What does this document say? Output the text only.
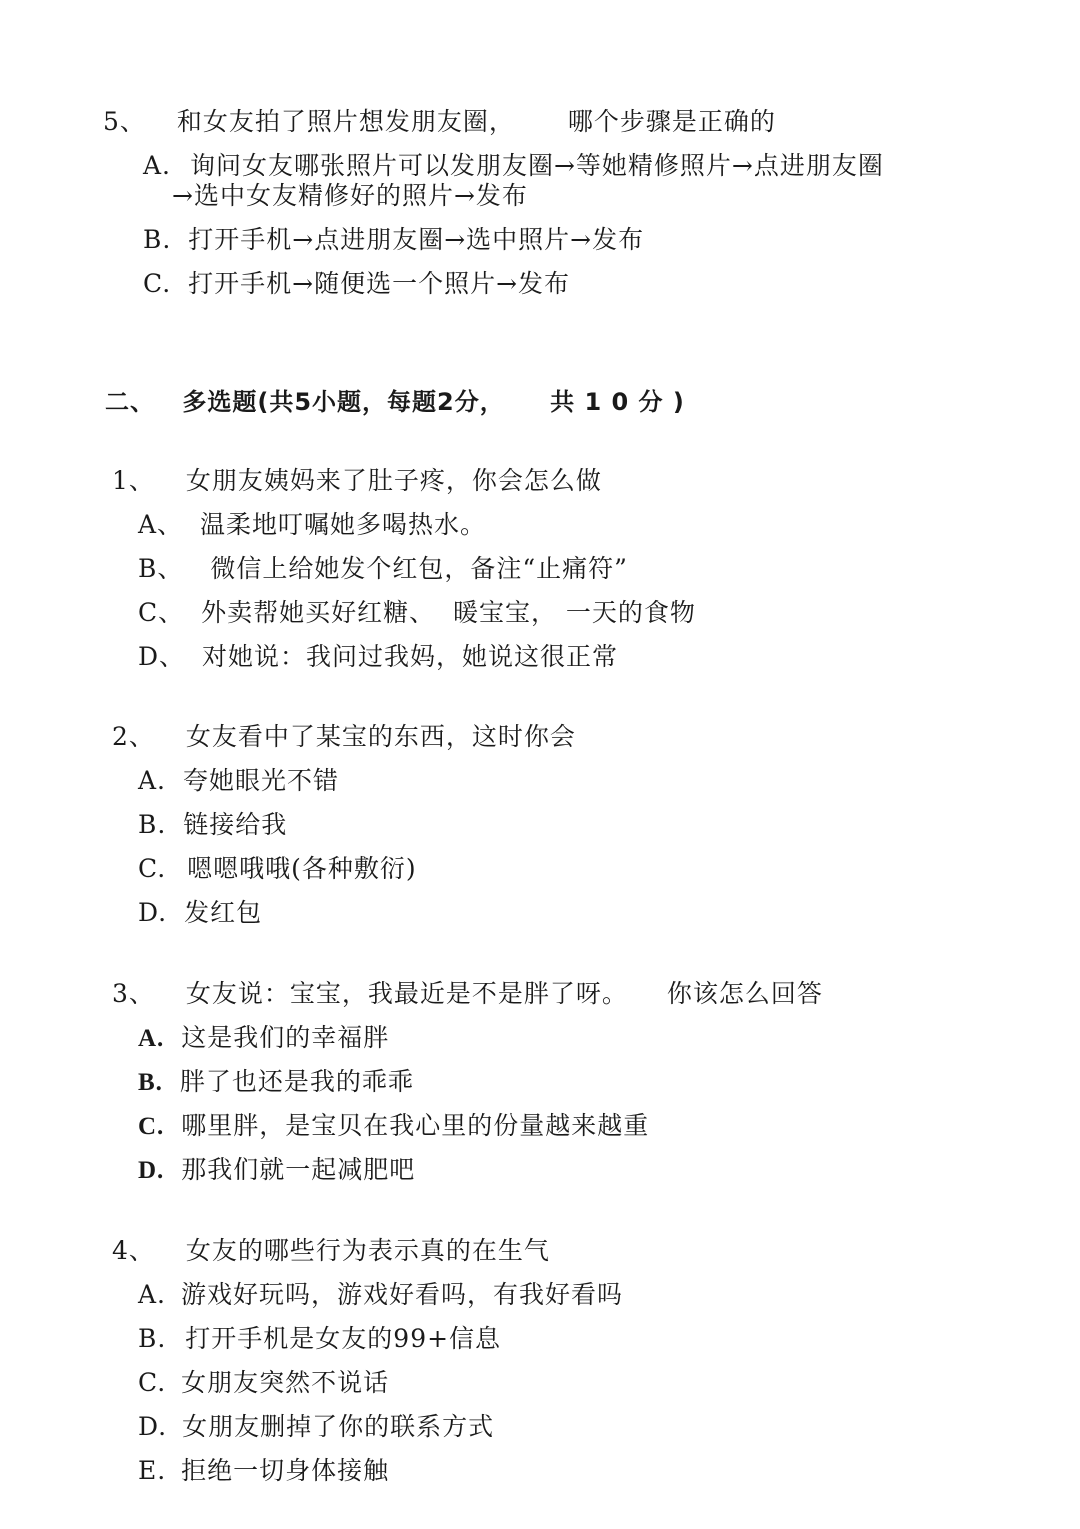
5、 和女友拍了照片想发朋友圈， 哪个步骤是正确的
A. 询问女友哪张照片可以发朋友圈→等她精修照片→点进朋友圈
→选中女友精修好的照片→发布
B. 打开手机→点进朋友圈→选中照片→发布
C. 打开手机→随便选一个照片→发布
二、 多选题(共5小题，每题2分， 共 1 0 分 )
1、 女朋友姨妈来了肚子疼，你会怎么做
A、 温柔地叮嘱她多喝热水。
B、 微信上给她发个红包，备注“止痛符”
C、 外卖帮她买好红糖、  暖宝宝， 一天的食物
D、 对她说：我问过我妈，她说这很正常
2、 女友看中了某宝的东西，这时你会
A. 夸她眼光不错
B. 链接给我
C. 嗯嗯哦哦(各种敷衍)
D. 发红包
3、 女友说：宝宝，我最近是不是胖了呀。 你该怎么回答
A. 这是我们的幸福胖
B. 胖了也还是我的乖乖
C. 哪里胖，是宝贝在我心里的份量越来越重
D. 那我们就一起减肥吧
4、 女友的哪些行为表示真的在生气
A. 游戏好玩吗，游戏好看吗，有我好看吗
B. 打开手机是女友的99+信息
C. 女朋友突然不说话
D. 女朋友删掉了你的联系方式
E. 拒绝一切身体接触
